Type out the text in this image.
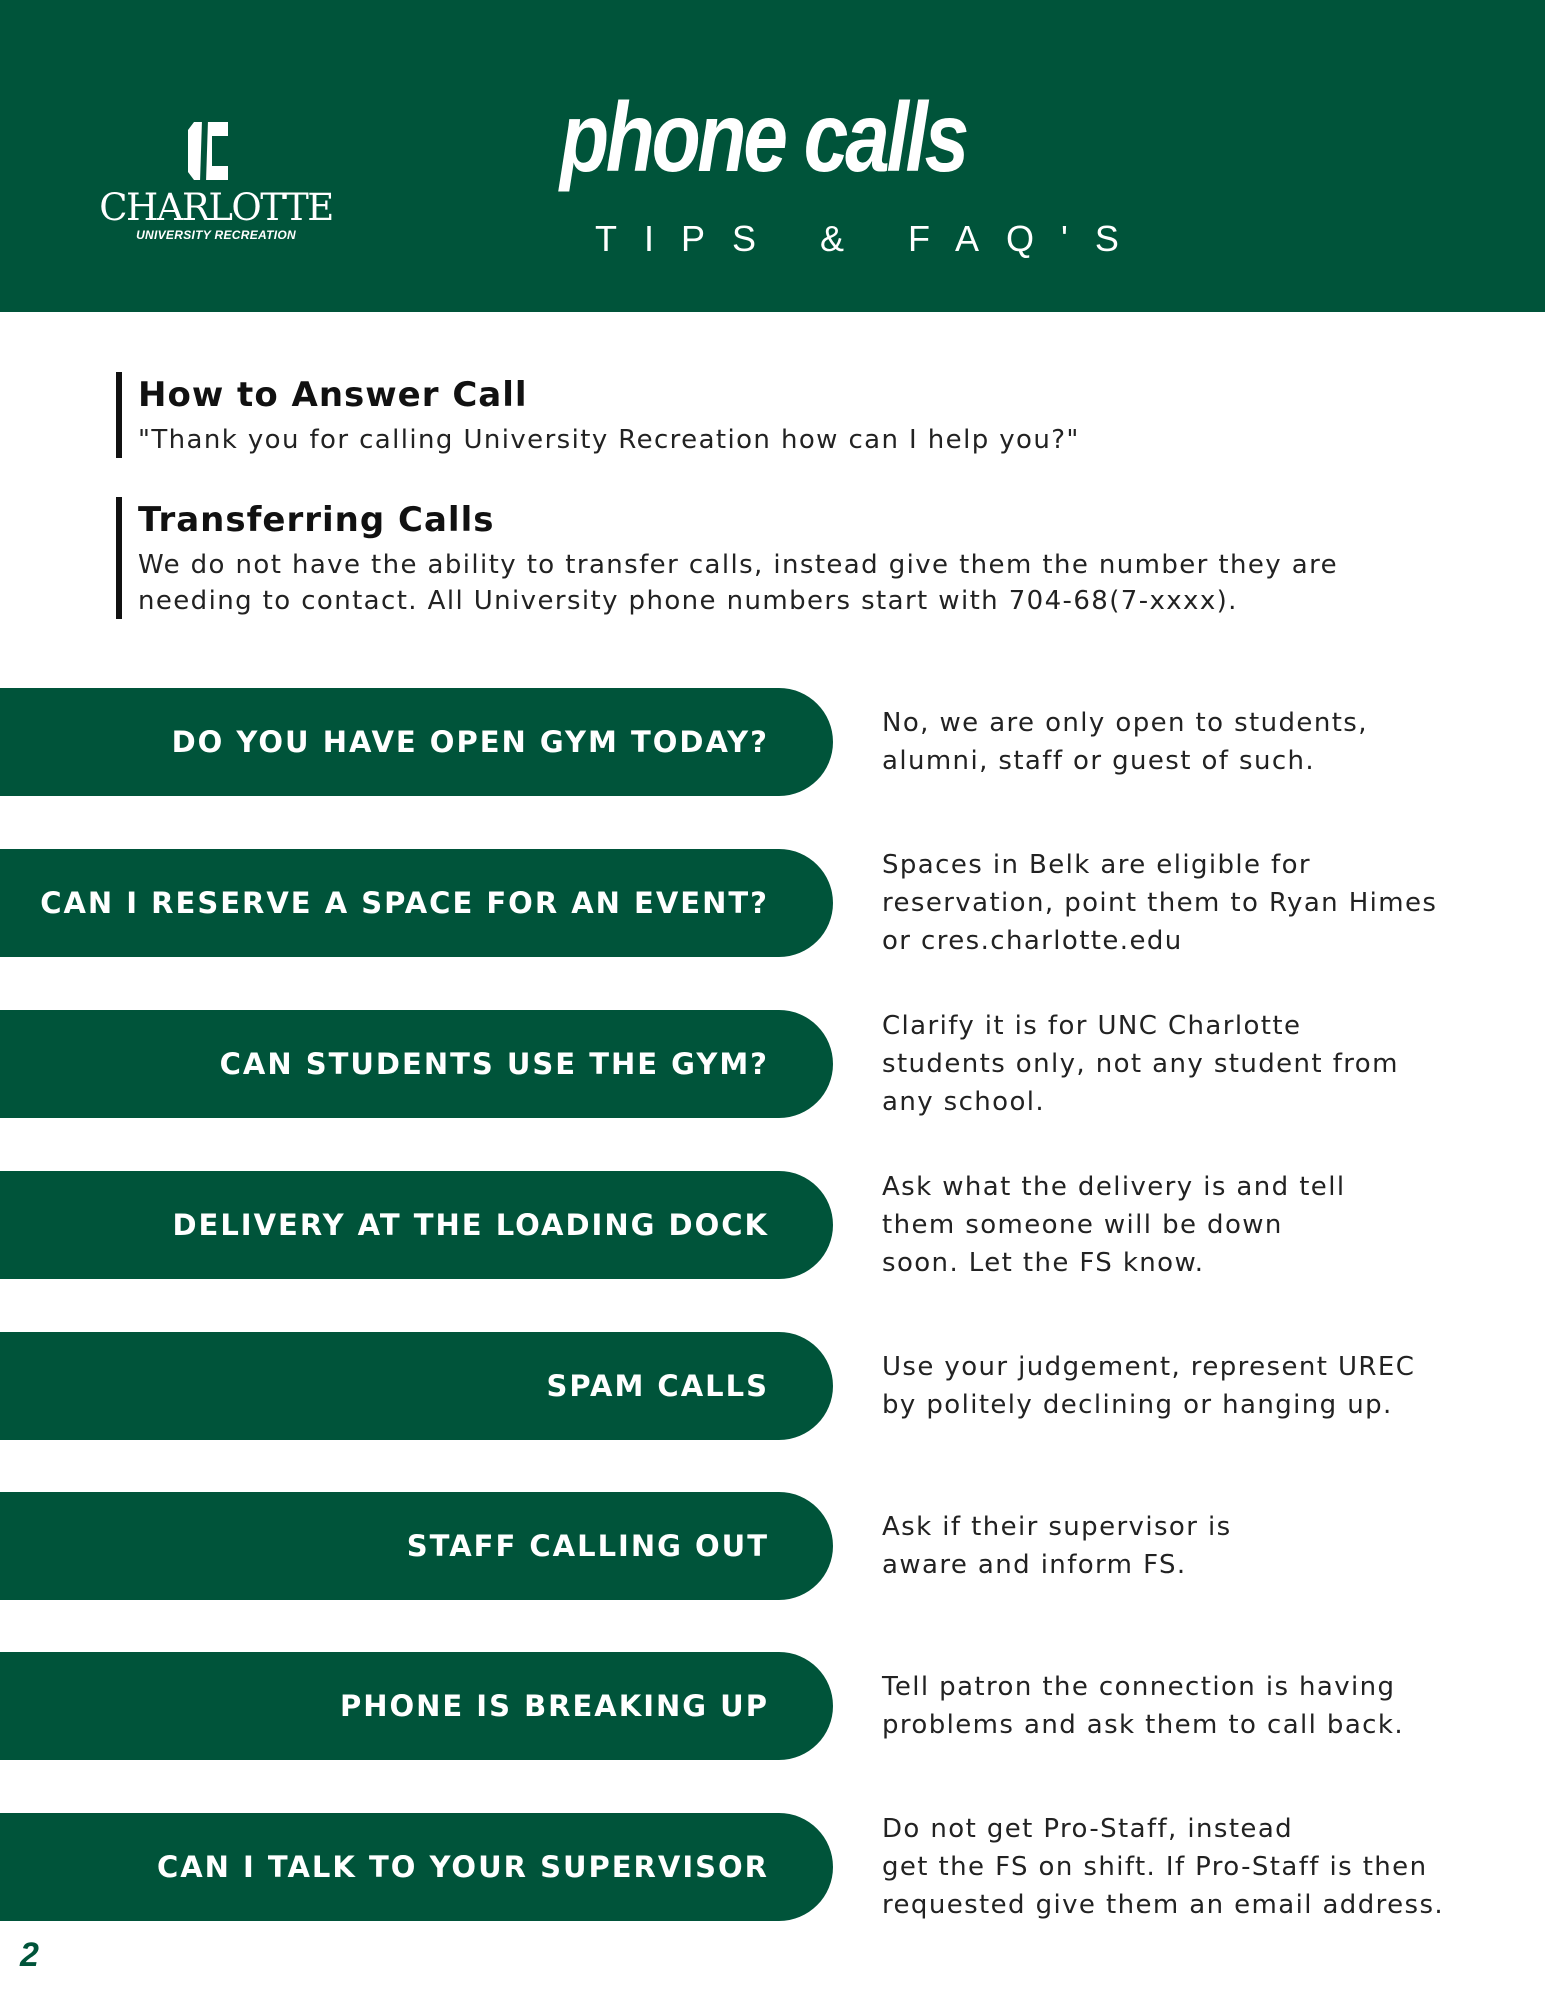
CHARLOTTE
UNIVERSITY RECREATION
phone calls
TIPS & FAQ'S
How to Answer Call
"Thank you for calling University Recreation how can I help you?"
Transferring Calls
We do not have the ability to transfer calls, instead give them the number they are
needing to contact. All University phone numbers start with 704-68(7-xxxx).
DO YOU HAVE OPEN GYM TODAY?
No, we are only open to students,
alumni, staff or guest of such.
CAN I RESERVE A SPACE FOR AN EVENT?
Spaces in Belk are eligible for
reservation, point them to Ryan Himes
or cres.charlotte.edu
CAN STUDENTS USE THE GYM?
Clarify it is for UNC Charlotte
students only, not any student from
any school.
DELIVERY AT THE LOADING DOCK
Ask what the delivery is and tell
them someone will be down
soon. Let the FS know.
SPAM CALLS
Use your judgement, represent UREC
by politely declining or hanging up.
STAFF CALLING OUT
Ask if their supervisor is
aware and inform FS.
PHONE IS BREAKING UP
Tell patron the connection is having
problems and ask them to call back.
CAN I TALK TO YOUR SUPERVISOR
Do not get Pro-Staff, instead
get the FS on shift. If Pro-Staff is then
requested give them an email address.
2
